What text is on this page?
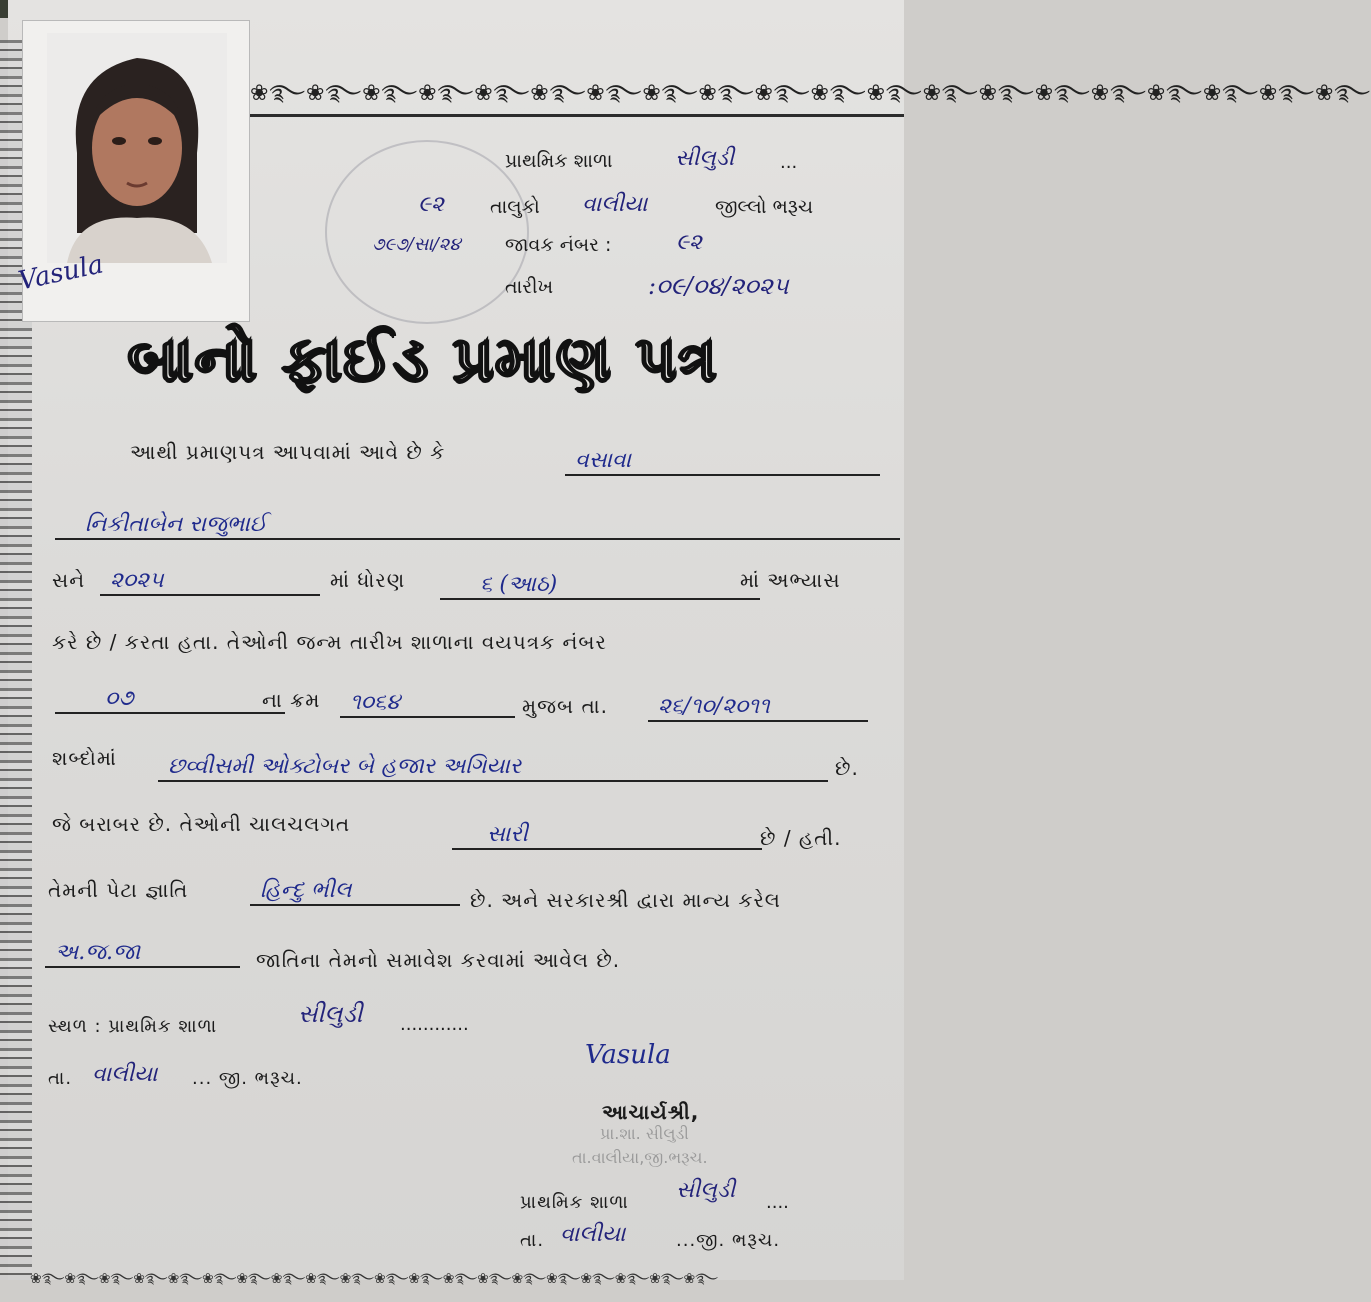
❀࿐❀࿐❀࿐❀࿐❀࿐❀࿐❀࿐❀࿐❀࿐❀࿐❀࿐❀࿐❀࿐❀࿐❀࿐❀࿐❀࿐❀࿐❀࿐❀࿐
Vasula
પ્રાથમિક શાળા	સીલુડી	...
૯૨ તાલુકો વાલીયા	જીલ્લો ભરૂચ
૭૯૭/સા/૨૪ જાવક નંબર :	૯૨
તારીખ	:૦૯/૦૪/૨૦૨૫
બાનો ફાઈડ પ્રમાણ પત્ર
આથી પ્રમાણપત્ર આપવામાં આવે છે કે	વસાવા
નિકીતાબેન રાજુભાઈ
સને	૨૦૨૫	માં ધોરણ	૬ (આઠ)	માં અભ્યાસ
કરે છે / કરતા હતા. તેઓની જન્મ તારીખ શાળાના વયપત્રક નંબર
૦૭	ના ક્રમ	૧૦૬૪	મુજબ તા.	૨૬/૧૦/૨૦૧૧
શબ્દોમાં	છવ્વીસમી ઓક્ટોબર બે હજાર અગિયાર	છે.
જે બરાબર છે. તેઓની ચાલચલગત	સારી	છે / હતી.
તેમની પેટા જ્ઞાતિ	હિન્દુ ભીલ	છે. અને સરકારશ્રી દ્વારા માન્ય કરેલ
અ.જ.જા	જાતિના તેમનો સમાવેશ કરવામાં આવેલ છે.
સ્થળ : પ્રાથમિક શાળા	સીલુડી ............
તા. વાલીયા ... જી. ભરૂચ.
Vasula
આચાર્યશ્રી,
પ્રા.શા. સીલુડી
તા.વાલીયા,જી.ભરૂચ.
પ્રાથમિક શાળા સીલુડી ....
તા. વાલીયા	...જી. ભરૂચ.
❀࿐❀࿐❀࿐❀࿐❀࿐❀࿐❀࿐❀࿐❀࿐❀࿐❀࿐❀࿐❀࿐❀࿐❀࿐❀࿐❀࿐❀࿐❀࿐❀࿐
